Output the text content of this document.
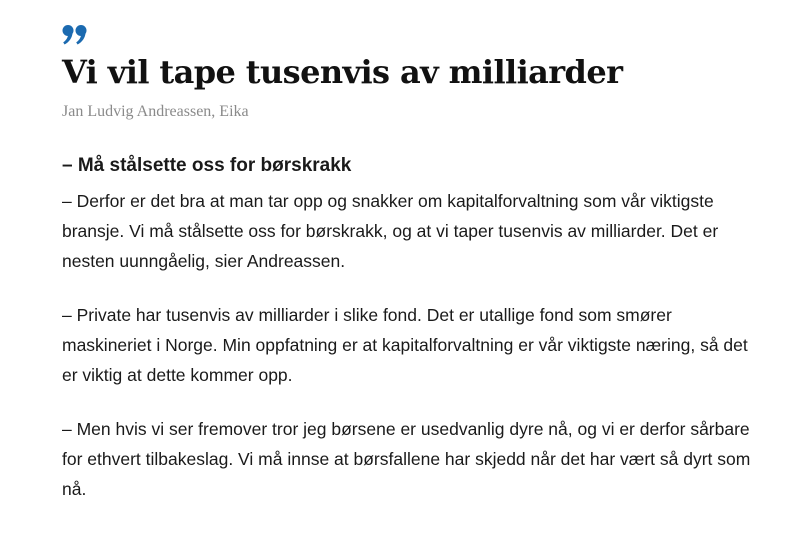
Vi vil tape tusenvis av milliarder

Jan Ludvig Andreassen, Eika

– Må stålsette oss for børskrakk

– Derfor er det bra at man tar opp og snakker om kapitalforvaltning som vår viktigste bransje. Vi må stålsette oss for børskrakk, og at vi taper tusenvis av milliarder. Det er nesten uunngåelig, sier Andreassen.

– Private har tusenvis av milliarder i slike fond. Det er utallige fond som smører maskineriet i Norge. Min oppfatning er at kapitalforvaltning er vår viktigste næring, så det er viktig at dette kommer opp.

– Men hvis vi ser fremover tror jeg børsene er usedvanlig dyre nå, og vi er derfor sårbare for ethvert tilbakeslag. Vi må innse at børsfallene har skjedd når det har vært så dyrt som nå.
